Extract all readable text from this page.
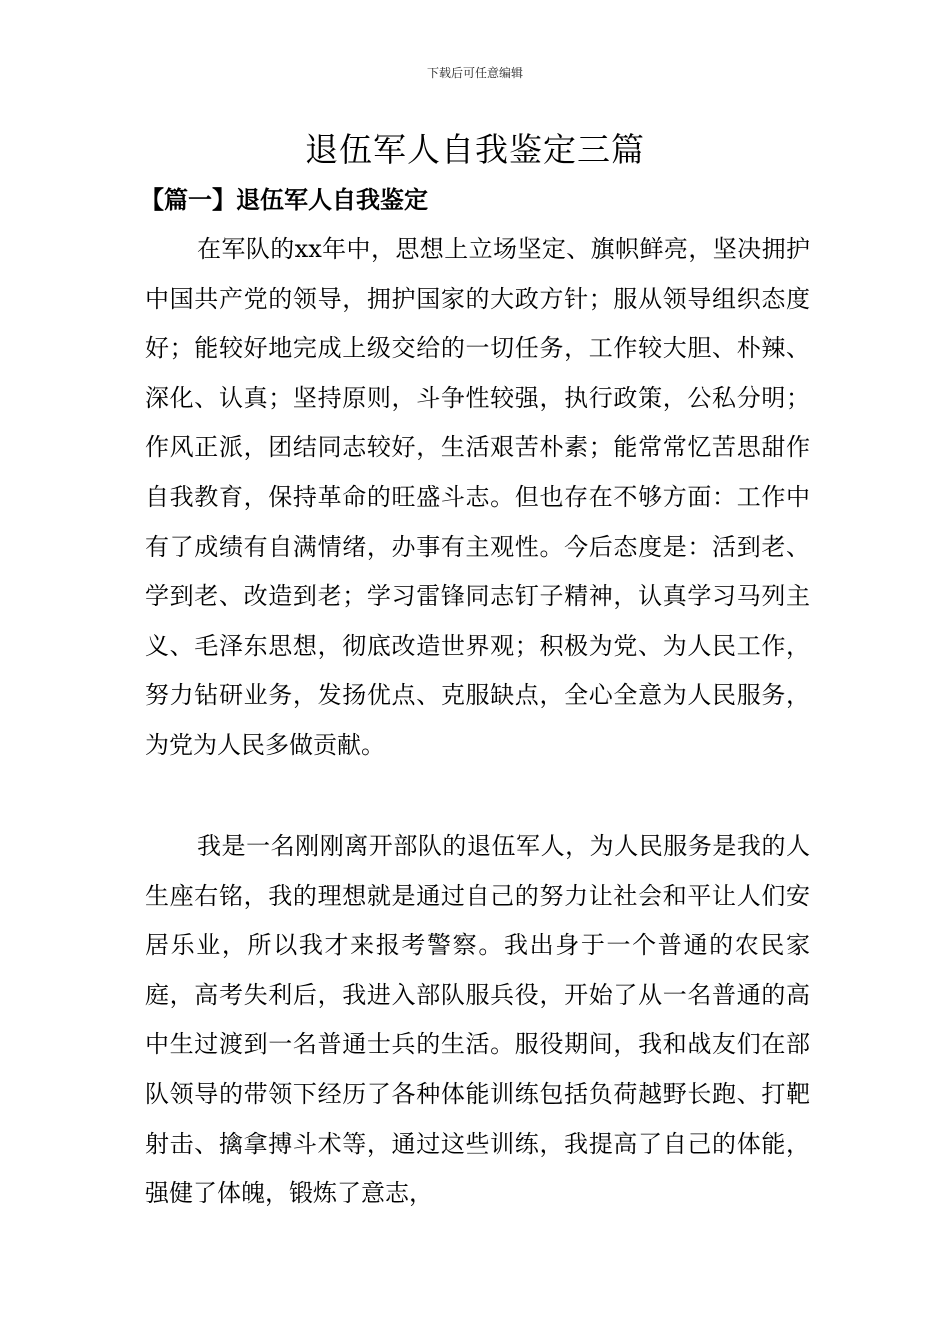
下载后可任意编辑
退伍军人自我鉴定三篇
【篇一】退伍军人自我鉴定

在军队的xx年中，思想上立场坚定、旗帜鲜亮，坚决拥护中国共产党的领导，拥护国家的大政方针；服从领导组织态度好；能较好地完成上级交给的一切任务，工作较大胆、朴辣、深化、认真；坚持原则，斗争性较强，执行政策，公私分明；作风正派，团结同志较好，生活艰苦朴素；能常常忆苦思甜作自我教育，保持革命的旺盛斗志。但也存在不够方面：工作中有了成绩有自满情绪，办事有主观性。今后态度是：活到老、学到老、改造到老；学习雷锋同志钉子精神，认真学习马列主义、毛泽东思想，彻底改造世界观；积极为党、为人民工作，努力钻研业务，发扬优点、克服缺点，全心全意为人民服务，为党为人民多做贡献。

我是一名刚刚离开部队的退伍军人，为人民服务是我的人生座右铭，我的理想就是通过自己的努力让社会和平让人们安居乐业，所以我才来报考警察。我出身于一个普通的农民家庭，高考失利后，我进入部队服兵役，开始了从一名普通的高中生过渡到一名普通士兵的生活。服役期间，我和战友们在部队领导的带领下经历了各种体能训练包括负荷越野长跑、打靶射击、擒拿搏斗术等，通过这些训练，我提高了自己的体能，强健了体魄，锻炼了意志，
